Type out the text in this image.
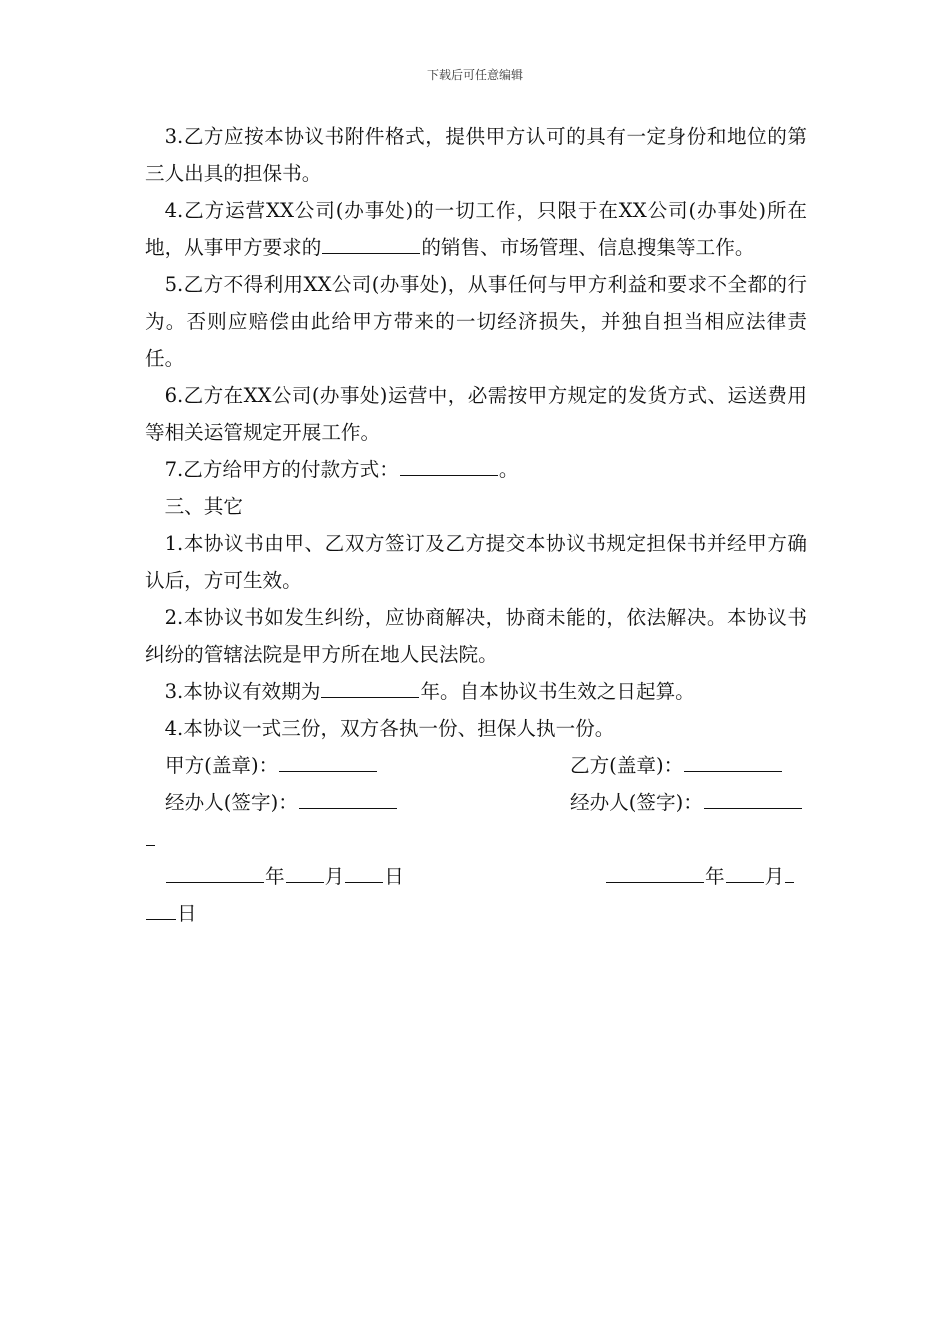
下载后可任意编辑

3.乙方应按本协议书附件格式，提供甲方认可的具有一定身份和地位的第三人出具的担保书。

4.乙方运营XX公司(办事处)的一切工作，只限于在XX公司(办事处)所在地，从事甲方要求的	的销售、市场管理、信息搜集等工作。

5.乙方不得利用XX公司(办事处)，从事任何与甲方利益和要求不全都的行为。否则应赔偿由此给甲方带来的一切经济损失，并独自担当相应法律责任。

6.乙方在XX公司(办事处)运营中，必需按甲方规定的发货方式、运送费用等相关运管规定开展工作。

7.乙方给甲方的付款方式：	。

三、其它

1.本协议书由甲、乙双方签订及乙方提交本协议书规定担保书并经甲方确认后，方可生效。

2.本协议书如发生纠纷，应协商解决，协商未能的，依法解决。本协议书纠纷的管辖法院是甲方所在地人民法院。

3.本协议有效期为	年。自本协议书生效之日起算。

4.本协议一式三份，双方各执一份、担保人执一份。

甲方(盖章)：	乙方(盖章)：
经办人(签字)：	经办人(签字)：
年 月 日	年 月
日
